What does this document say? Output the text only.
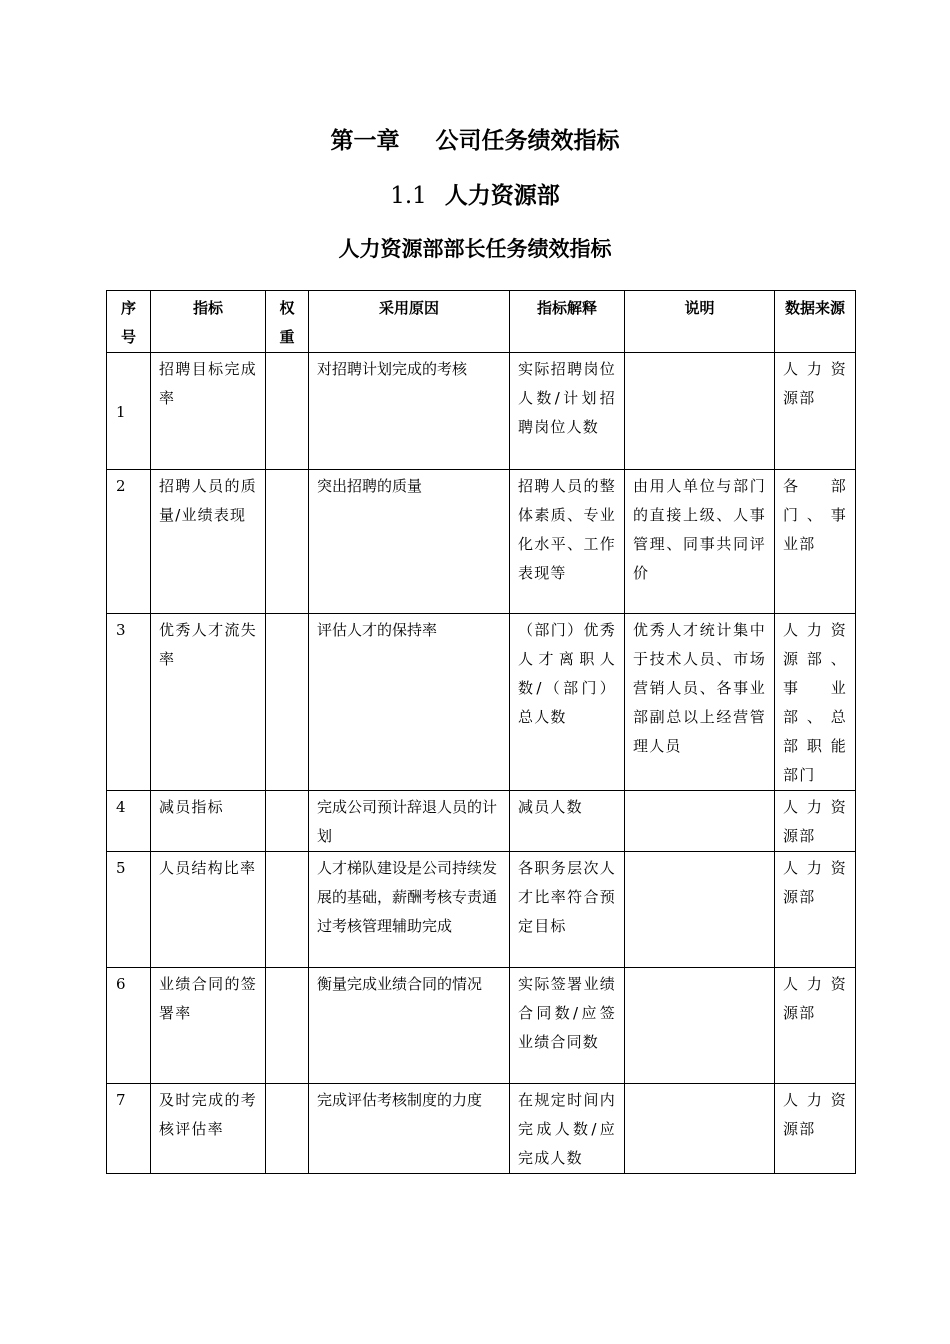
第一章 公司任务绩效指标
1.1 人力资源部
人力资源部部长任务绩效指标
序号	指标	权重	采用原因	指标解释	说明	数据来源
1	招聘目标完成率		对招聘计划完成的考核	实际招聘岗位人数/计划招聘岗位人数		人力资源部
2	招聘人员的质量/业绩表现		突出招聘的质量	招聘人员的整体素质、专业化水平、工作表现等	由用人单位与部门的直接上级、人事管理、同事共同评价	各部门、事业部
3	优秀人才流失率		评估人才的保持率	（部门）优秀人才离职人数/（部门）总人数	优秀人才统计集中于技术人员、市场营销人员、各事业部副总以上经营管理人员	人力资源部、事业部、总部职能部门
4	减员指标		完成公司预计辞退人员的计划	减员人数		人力资源部
5	人员结构比率		人才梯队建设是公司持续发展的基础，薪酬考核专责通过考核管理辅助完成	各职务层次人才比率符合预定目标		人力资源部
6	业绩合同的签署率		衡量完成业绩合同的情况	实际签署业绩合同数/应签业绩合同数		人力资源部
7	及时完成的考核评估率		完成评估考核制度的力度	在规定时间内完成人数/应完成人数		人力资源部
